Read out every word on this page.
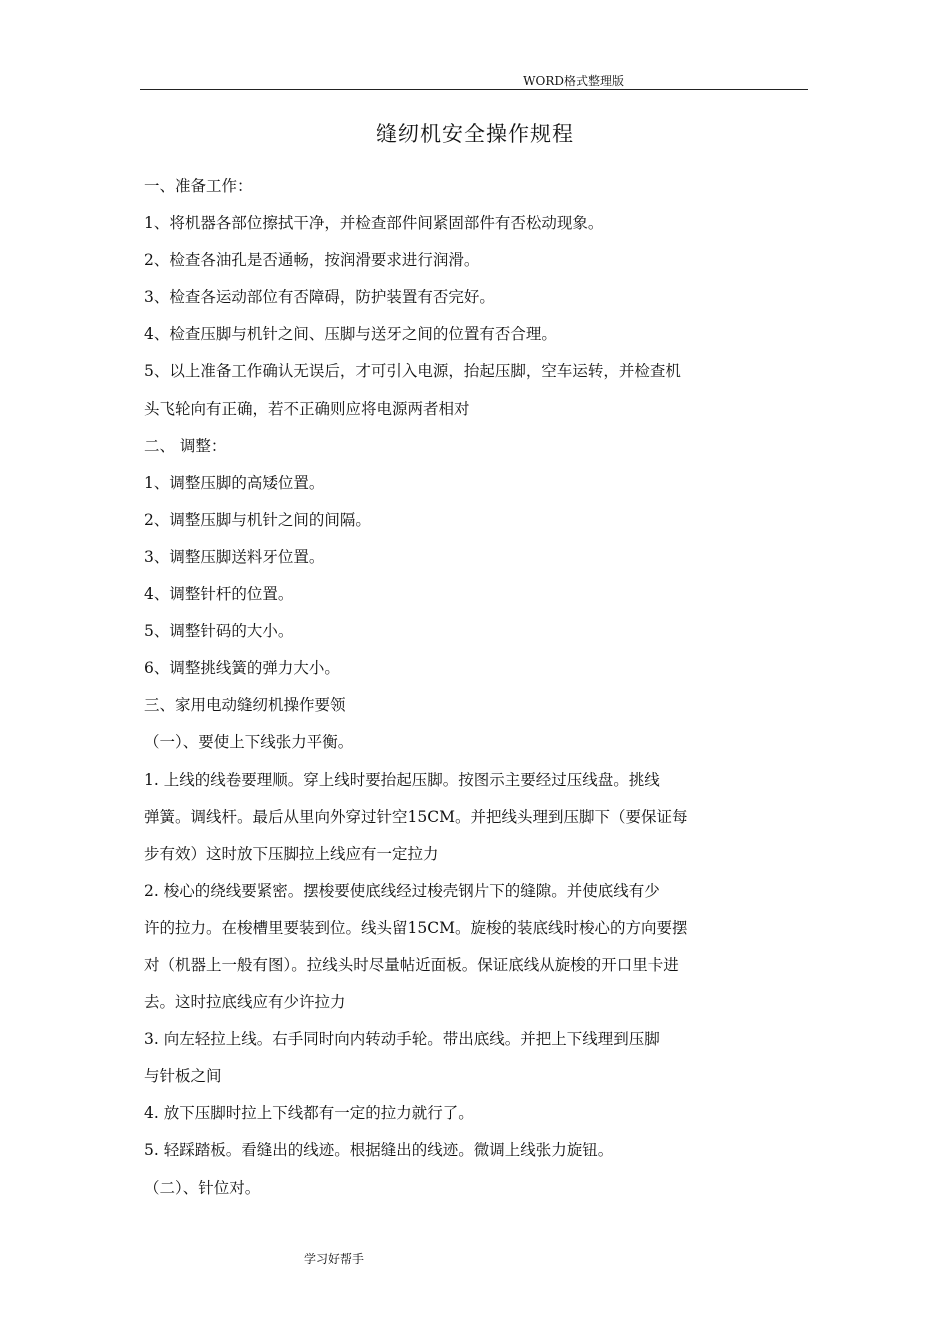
WORD格式整理版
缝纫机安全操作规程
一、准备工作：
1、将机器各部位擦拭干净，并检查部件间紧固部件有否松动现象。
2、检查各油孔是否通畅，按润滑要求进行润滑。
3、检查各运动部位有否障碍，防护装置有否完好。
4、检查压脚与机针之间、压脚与送牙之间的位置有否合理。
5、以上准备工作确认无误后，才可引入电源，抬起压脚，空车运转，并检查机
头飞轮向有正确，若不正确则应将电源两者相对
二、 调整：
1、调整压脚的高矮位置。
2、调整压脚与机针之间的间隔。
3、调整压脚送料牙位置。
4、调整针杆的位置。
5、调整针码的大小。
6、调整挑线簧的弹力大小。
三、家用电动缝纫机操作要领
（一）、要使上下线张力平衡。
1. 上线的线卷要理顺。穿上线时要抬起压脚。按图示主要经过压线盘。挑线
弹簧。调线杆。最后从里向外穿过针空15CM。并把线头理到压脚下（要保证每
步有效）这时放下压脚拉上线应有一定拉力
2. 梭心的绕线要紧密。摆梭要使底线经过梭壳钢片下的缝隙。并使底线有少
许的拉力。在梭槽里要装到位。线头留15CM。旋梭的装底线时梭心的方向要摆
对（机器上一般有图）。拉线头时尽量帖近面板。保证底线从旋梭的开口里卡进
去。这时拉底线应有少许拉力
3. 向左轻拉上线。右手同时向内转动手轮。带出底线。并把上下线理到压脚
与针板之间
4. 放下压脚时拉上下线都有一定的拉力就行了。
5. 轻踩踏板。看缝出的线迹。根据缝出的线迹。微调上线张力旋钮。
（二）、针位对。
学习好帮手
